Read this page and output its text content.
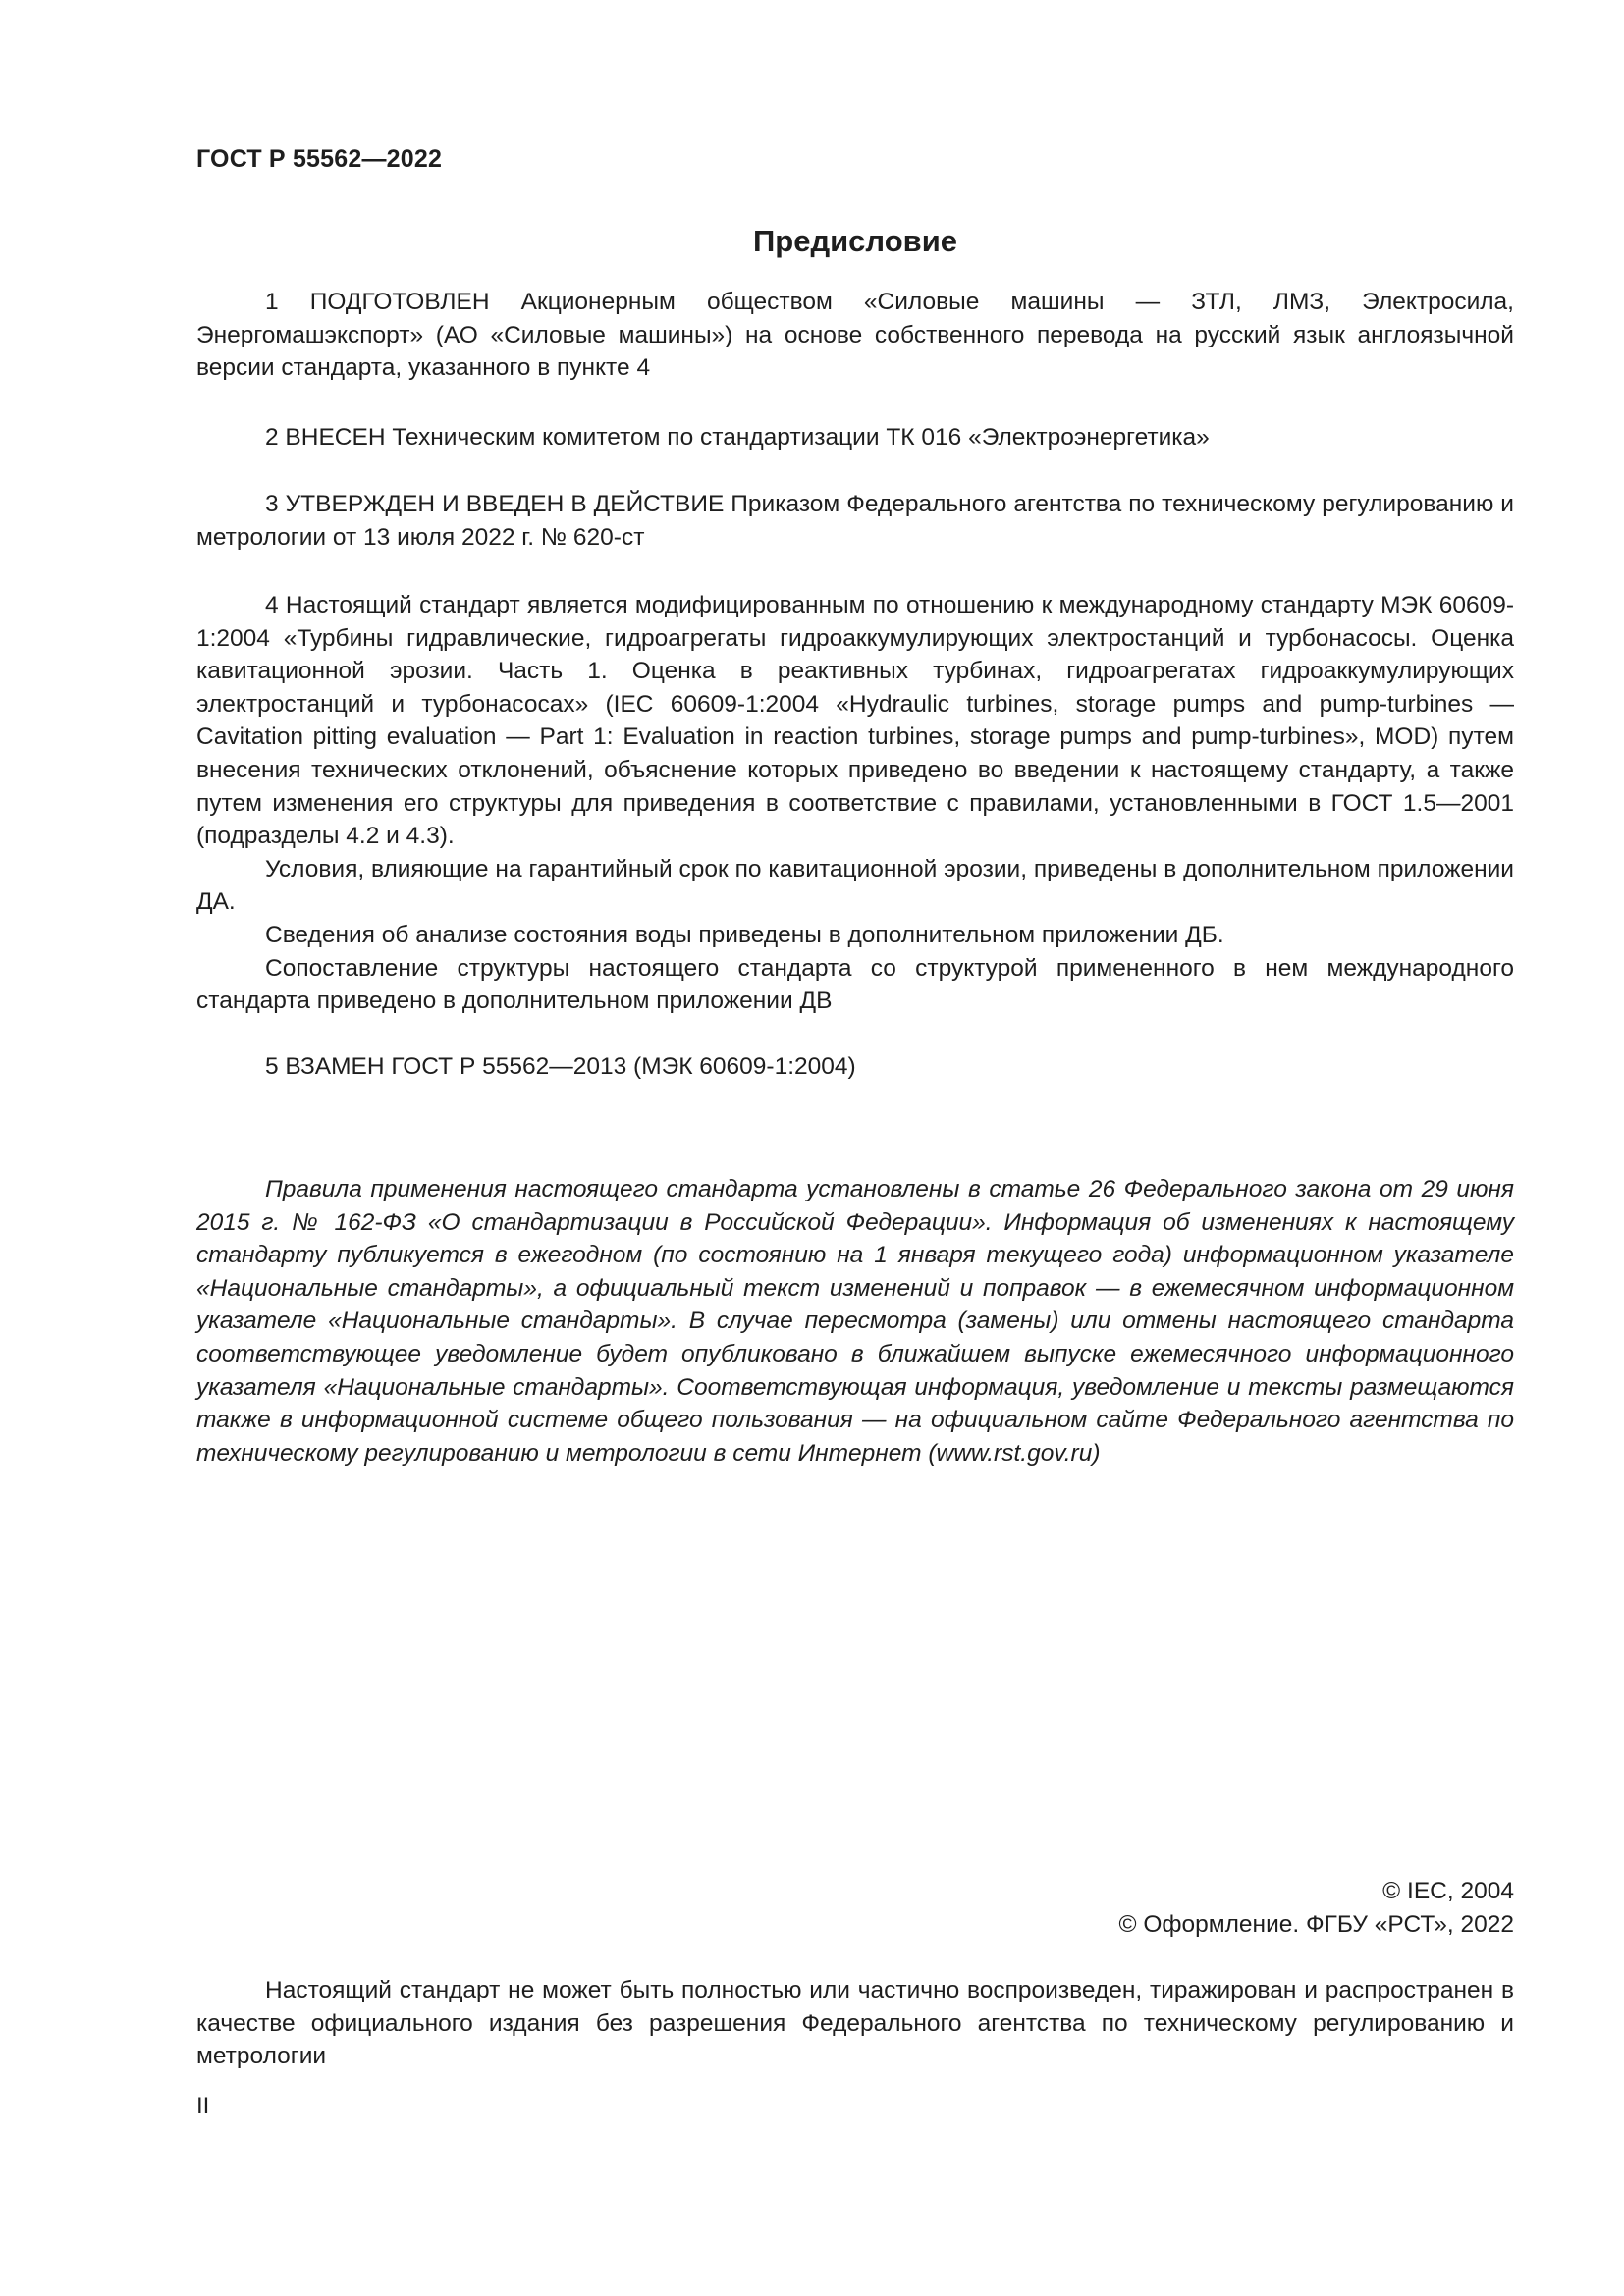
ГОСТ Р 55562—2022
Предисловие

1 ПОДГОТОВЛЕН Акционерным обществом «Силовые машины — ЗТЛ, ЛМЗ, Электросила, Энергомашэкспорт» (АО «Силовые машины») на основе собственного перевода на русский язык англоязычной версии стандарта, указанного в пункте 4

2 ВНЕСЕН Техническим комитетом по стандартизации ТК 016 «Электроэнергетика»

3 УТВЕРЖДЕН И ВВЕДЕН В ДЕЙСТВИЕ Приказом Федерального агентства по техническому регулированию и метрологии от 13 июля 2022 г. № 620-ст

4 Настоящий стандарт является модифицированным по отношению к международному стандарту МЭК 60609-1:2004 «Турбины гидравлические, гидроагрегаты гидроаккумулирующих электростанций и турбонасосы. Оценка кавитационной эрозии. Часть 1. Оценка в реактивных турбинах, гидроагрегатах гидроаккумулирующих электростанций и турбонасосах» (IEC 60609-1:2004 «Hydraulic turbines, storage pumps and pump-turbines — Cavitation pitting evaluation — Part 1: Evaluation in reaction turbines, storage pumps and pump-turbines», MOD) путем внесения технических отклонений, объяснение которых приведено во введении к настоящему стандарту, а также путем изменения его структуры для приведения в соответствие с правилами, установленными в ГОСТ 1.5—2001 (подразделы 4.2 и 4.3).

Условия, влияющие на гарантийный срок по кавитационной эрозии, приведены в дополнительном приложении ДА.

Сведения об анализе состояния воды приведены в дополнительном приложении ДБ.

Сопоставление структуры настоящего стандарта со структурой примененного в нем международного стандарта приведено в дополнительном приложении ДВ

5 ВЗАМЕН ГОСТ Р 55562—2013 (МЭК 60609-1:2004)

Правила применения настоящего стандарта установлены в статье 26 Федерального закона от 29 июня 2015 г. № 162-ФЗ «О стандартизации в Российской Федерации». Информация об изменениях к настоящему стандарту публикуется в ежегодном (по состоянию на 1 января текущего года) информационном указателе «Национальные стандарты», а официальный текст изменений и поправок — в ежемесячном информационном указателе «Национальные стандарты». В случае пересмотра (замены) или отмены настоящего стандарта соответствующее уведомление будет опубликовано в ближайшем выпуске ежемесячного информационного указателя «Национальные стандарты». Соответствующая информация, уведомление и тексты размещаются также в информационной системе общего пользования — на официальном сайте Федерального агентства по техническому регулированию и метрологии в сети Интернет (www.rst.gov.ru)
© IEC, 2004
© Оформление. ФГБУ «РСТ», 2022
Настоящий стандарт не может быть полностью или частично воспроизведен, тиражирован и распространен в качестве официального издания без разрешения Федерального агентства по техническому регулированию и метрологии
II
